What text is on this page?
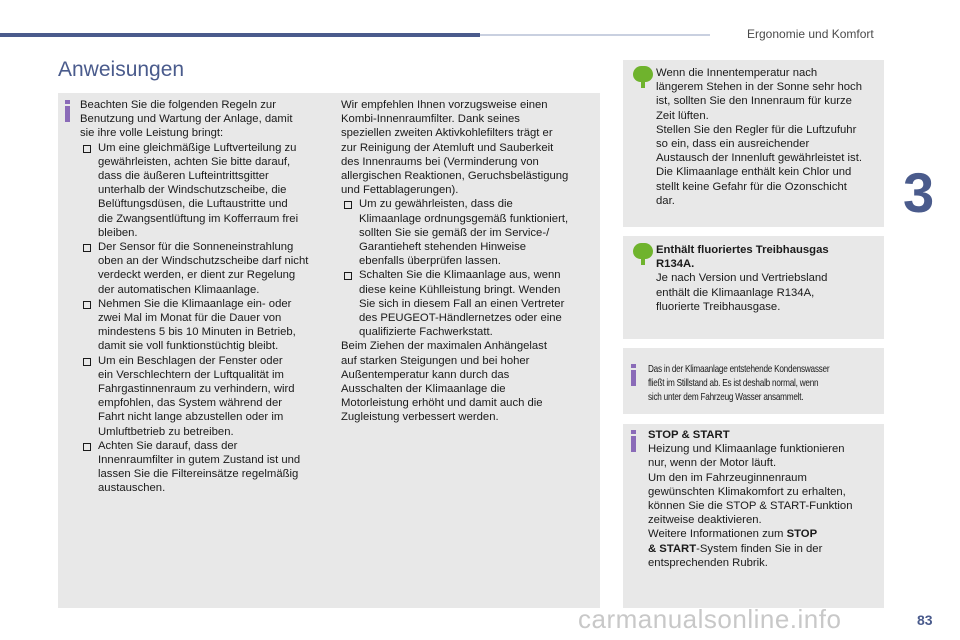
Ergonomie und Komfort
Anweisungen
3
Beachten Sie die folgenden Regeln zur
Benutzung und Wartung der Anlage, damit
sie ihre volle Leistung bringt:
Um eine gleichmäßige Luftverteilung zu
gewährleisten, achten Sie bitte darauf,
dass die äußeren Lufteintrittsgitter
unterhalb der Windschutzscheibe, die
Belüftungsdüsen, die Luftaustritte und
die Zwangsentlüftung im Kofferraum frei
bleiben.
Der Sensor für die Sonneneinstrahlung
oben an der Windschutzscheibe darf nicht
verdeckt werden, er dient zur Regelung
der automatischen Klimaanlage.
Nehmen Sie die Klimaanlage ein- oder
zwei Mal im Monat für die Dauer von
mindestens 5 bis 10 Minuten in Betrieb,
damit sie voll funktionstüchtig bleibt.
Um ein Beschlagen der Fenster oder
ein Verschlechtern der Luftqualität im
Fahrgastinnenraum zu verhindern, wird
empfohlen, das System während der
Fahrt nicht lange abzustellen oder im
Umluftbetrieb zu betreiben.
Achten Sie darauf, dass der
Innenraumfilter in gutem Zustand ist und
lassen Sie die Filtereinsätze regelmäßig
austauschen.
Wir empfehlen Ihnen vorzugsweise einen
Kombi-Innenraumfilter. Dank seines
speziellen zweiten Aktivkohlefilters trägt er
zur Reinigung der Atemluft und Sauberkeit
des Innenraums bei (Verminderung von
allergischen Reaktionen, Geruchsbelästigung
und Fettablagerungen).
Um zu gewährleisten, dass die
Klimaanlage ordnungsgemäß funktioniert,
sollten Sie sie gemäß der im Service-/
Garantieheft stehenden Hinweise
ebenfalls überprüfen lassen.
Schalten Sie die Klimaanlage aus, wenn
diese keine Kühlleistung bringt. Wenden
Sie sich in diesem Fall an einen Vertreter
des PEUGEOT-Händlernetzes oder eine
qualifizierte Fachwerkstatt.
Beim Ziehen der maximalen Anhängelast
auf starken Steigungen und bei hoher
Außentemperatur kann durch das
Ausschalten der Klimaanlage die
Motorleistung erhöht und damit auch die
Zugleistung verbessert werden.
Wenn die Innentemperatur nach
längerem Stehen in der Sonne sehr hoch
ist, sollten Sie den Innenraum für kurze
Zeit lüften.
Stellen Sie den Regler für die Luftzufuhr
so ein, dass ein ausreichender
Austausch der Innenluft gewährleistet ist.
Die Klimaanlage enthält kein Chlor und
stellt keine Gefahr für die Ozonschicht
dar.
Enthält fluoriertes Treibhausgas
R134A.
Je nach Version und Vertriebsland
enthält die Klimaanlage R134A,
fluorierte Treibhausgase.
Das in der Klimaanlage entstehende Kondenswasser
fließt im Stillstand ab. Es ist deshalb normal, wenn
sich unter dem Fahrzeug Wasser ansammelt.
STOP & START
Heizung und Klimaanlage funktionieren
nur, wenn der Motor läuft.
Um den im Fahrzeuginnenraum
gewünschten Klimakomfort zu erhalten,
können Sie die STOP & START-Funktion
zeitweise deaktivieren.
Weitere Informationen zum STOP
& START-System finden Sie in der
entsprechenden Rubrik.
carmanualsonline.info	83
